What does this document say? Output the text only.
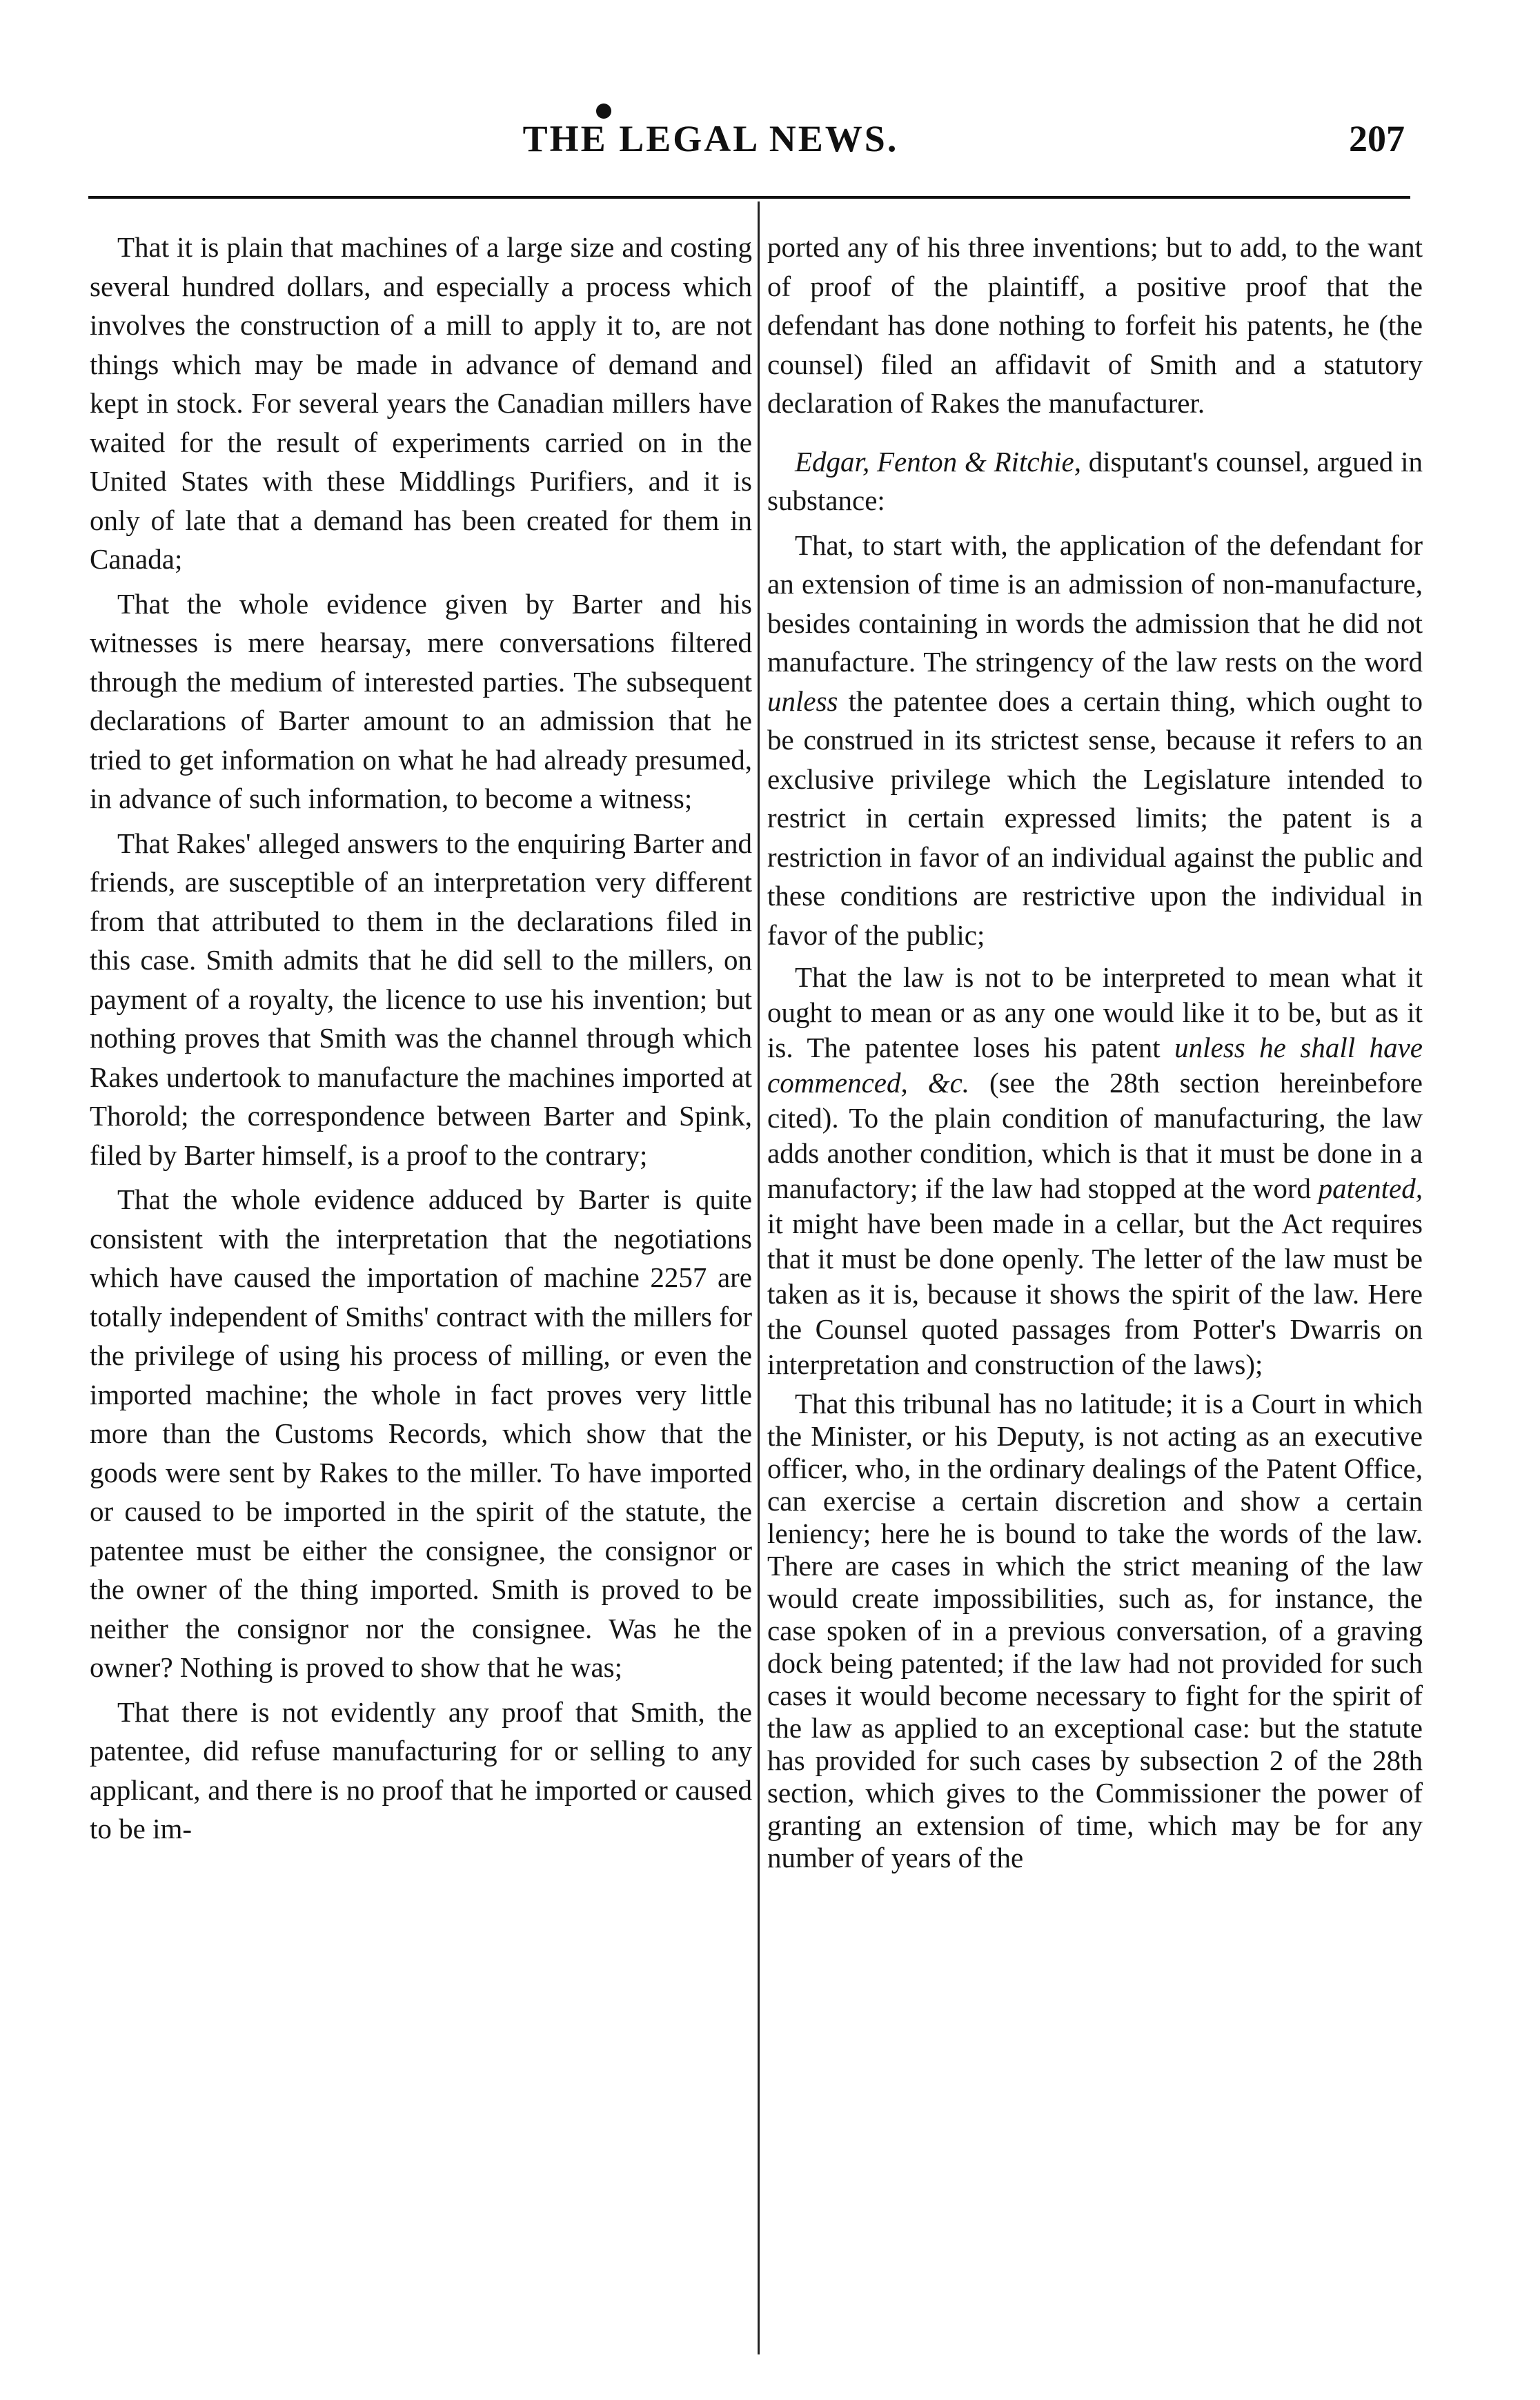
THE LEGAL NEWS.	207

That it is plain that machines of a large size and costing several hundred dollars, and especially a process which involves the construction of a mill to apply it to, are not things which may be made in advance of demand and kept in stock. For several years the Canadian millers have waited for the result of experiments carried on in the United States with these Middlings Purifiers, and it is only of late that a demand has been created for them in Canada;

That the whole evidence given by Barter and his witnesses is mere hearsay, mere conversations filtered through the medium of interested parties. The subsequent declarations of Barter amount to an admission that he tried to get information on what he had already presumed, in advance of such information, to become a witness;

That Rakes' alleged answers to the enquiring Barter and friends, are susceptible of an interpretation very different from that attributed to them in the declarations filed in this case. Smith admits that he did sell to the millers, on payment of a royalty, the licence to use his invention; but nothing proves that Smith was the channel through which Rakes undertook to manufacture the machines imported at Thorold; the correspondence between Barter and Spink, filed by Barter himself, is a proof to the contrary;

That the whole evidence adduced by Barter is quite consistent with the interpretation that the negotiations which have caused the importation of machine 2257 are totally independent of Smiths' contract with the millers for the privilege of using his process of milling, or even the imported machine; the whole in fact proves very little more than the Customs Records, which show that the goods were sent by Rakes to the miller. To have imported or caused to be imported in the spirit of the statute, the patentee must be either the consignee, the consignor or the owner of the thing imported. Smith is proved to be neither the consignor nor the consignee. Was he the owner? Nothing is proved to show that he was;

That there is not evidently any proof that Smith, the patentee, did refuse manufacturing for or selling to any applicant, and there is no proof that he imported or caused to be im-

ported any of his three inventions; but to add, to the want of proof of the plaintiff, a positive proof that the defendant has done nothing to forfeit his patents, he (the counsel) filed an affidavit of Smith and a statutory declaration of Rakes the manufacturer.

Edgar, Fenton & Ritchie, disputant's counsel, argued in substance:

That, to start with, the application of the defendant for an extension of time is an admission of non-manufacture, besides containing in words the admission that he did not manufacture. The stringency of the law rests on the word unless the patentee does a certain thing, which ought to be construed in its strictest sense, because it refers to an exclusive privilege which the Legislature intended to restrict in certain expressed limits; the patent is a restriction in favor of an individual against the public and these conditions are restrictive upon the individual in favor of the public;

That the law is not to be interpreted to mean what it ought to mean or as any one would like it to be, but as it is. The patentee loses his patent unless he shall have commenced, &c. (see the 28th section hereinbefore cited). To the plain condition of manufacturing, the law adds another condition, which is that it must be done in a manufactory; if the law had stopped at the word patented, it might have been made in a cellar, but the Act requires that it must be done openly. The letter of the law must be taken as it is, because it shows the spirit of the law. Here the Counsel quoted passages from Potter's Dwarris on interpretation and construction of the laws);

That this tribunal has no latitude; it is a Court in which the Minister, or his Deputy, is not acting as an executive officer, who, in the ordinary dealings of the Patent Office, can exercise a certain discretion and show a certain leniency; here he is bound to take the words of the law. There are cases in which the strict meaning of the law would create impossibilities, such as, for instance, the case spoken of in a previous conversation, of a graving dock being patented; if the law had not provided for such cases it would become necessary to fight for the spirit of the law as applied to an exceptional case: but the statute has provided for such cases by subsection 2 of the 28th section, which gives to the Commissioner the power of granting an extension of time, which may be for any number of years of the
